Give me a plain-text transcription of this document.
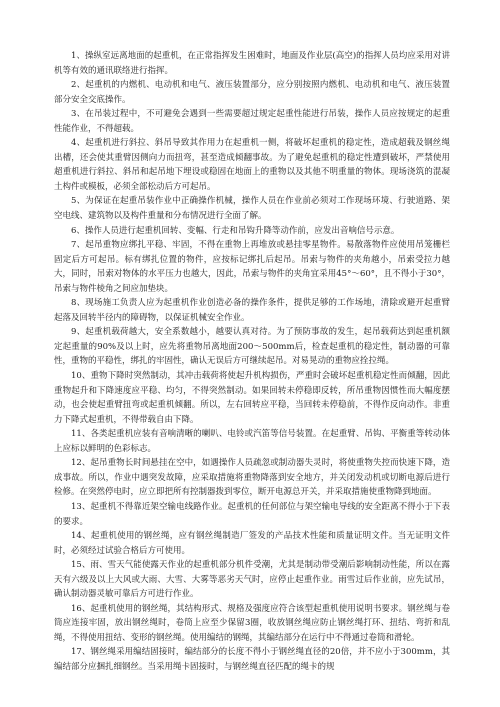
1、操纵室远离地面的起重机，在正常指挥发生困难时，地面及作业层(高空)的指挥人员均应采用对讲机等有效的通讯联络进行指挥。

2、起重机的内燃机、电动机和电气、液压装置部分，应分别按照内燃机、电动机和电气、液压装置部分安全交底操作。

3、在吊装过程中，不可避免会遇到一些需要超过规定起重性能进行吊装，操作人员应按规定的起重性能作业，不得超载。

4、起重机进行斜拉、斜吊导致其作用力在起重机一侧，将破坏起重机的稳定性，造成超载及钢丝绳出槽，还会使其重臂因侧向力而扭弯，甚至造成倾翻事故。为了避免起重机的稳定性遭到破坏，严禁使用超重机进行斜拉、斜吊和起吊地下埋设或稳固在地面上的重物以及其他不明重量的物体。现场浇筑的混凝土构件或模板，必须全部松动后方可起吊。

5、为保证在起重吊装作业中正确操作机械，操作人员在作业前必须对工作现场环境、行驶道路、架空电线、建筑物以及构件重量和分布情况进行全面了解。

6、操作人员进行起重机回转、变幅、行走和吊钩升降等动作前，应发出音响信号示意。

7、起吊重物应绑扎平稳、牢固，不得在重物上再堆放或悬挂零星物件。易散落物件应使用吊笼栅栏固定后方可起吊。标有绑扎位置的物件，应按标记绑扎后起吊。吊索与物件的夹角越小，吊索受拉力越大，同时，吊索对物体的水平压力也越大，因此，吊索与物件的夹角宜采用45°～60°，且不得小于30°，吊索与物件棱角之间应加垫块。

8、现场施工负责人应为起重机作业创造必备的操作条件，提供足够的工作场地，清除或避开起重臂起落及回转半径内的障碍物，以保证机械安全作业。

9、起重机载荷越大，安全系数越小，越要认真对待。为了预防事故的发生，起吊载荷达到起重机额定起重量的90%及以上时，应先将重物吊离地面200～500mm后，检查起重机的稳定性，制动器的可靠性，重物的平稳性，绑扎的牢固性，确认无误后方可继续起吊。对易晃动的重物应拴拉绳。

10、重物下降时突然制动，其冲击载荷将使起升机构损伤，严重时会破坏起重机稳定性而倾翻，因此重物起升和下降速度应平稳、均匀，不得突然制动。如果回转未停稳即反转，所吊重物因惯性而大幅度摆动，也会使起重臂扭弯或起重机倾翻。所以，左右回转应平稳，当回转未停稳前，不得作反向动作。非重力下降式起重机，不得带载自由下降。

11、各类起重机应装有音响清晰的喇叭、电铃或汽笛等信号装置。在起重臂、吊钩、平衡重等转动体上应标以鲜明的色彩标志。

12、起吊重物长时间悬挂在空中，如遇操作人员疏忽或制动器失灵时，将使重物失控而快速下降，造成事故。所以，作业中遇突发故障，应采取措施将重物降落到安全地方，并关闭发动机或切断电源后进行检修。在突然停电时，应立即把所有控制器拨到零位，断开电源总开关，并采取措施使重物降到地面。

13、起重机不得靠近架空输电线路作业。起重机的任何部位与架空输电导线的安全距离不得小于下表的要求。

14、起重机使用的钢丝绳，应有钢丝绳制造厂签发的产品技术性能和质量证明文件。当无证明文件时，必须经过试验合格后方可使用。

15、雨、雪天气能使露天作业的起重机部分机件受潮，尤其是制动带受潮后影响制动性能，所以在露天有六级及以上大风或大雨、大雪、大雾等恶劣天气时，应停止起重作业。雨雪过后作业前，应先试吊，确认制动器灵敏可靠后方可进行作业。

16、起重机使用的钢丝绳，其结构形式、规格及强度应符合该型起重机使用说明书要求。钢丝绳与卷筒应连接牢固，放出钢丝绳时，卷筒上应至少保留3圈，收放钢丝绳应防止钢丝绳打环、扭结、弯折和乱绳，不得使用扭结、变形的钢丝绳。使用编结的钢绳，其编结部分在运行中不得通过卷筒和滑轮。

17、钢丝绳采用编结固接时，编结部分的长度不得小于钢丝绳直径的20倍，并不应小于300mm，其编结部分应捆扎细钢丝。当采用绳卡固接时，与钢丝绳直径匹配的绳卡的规
